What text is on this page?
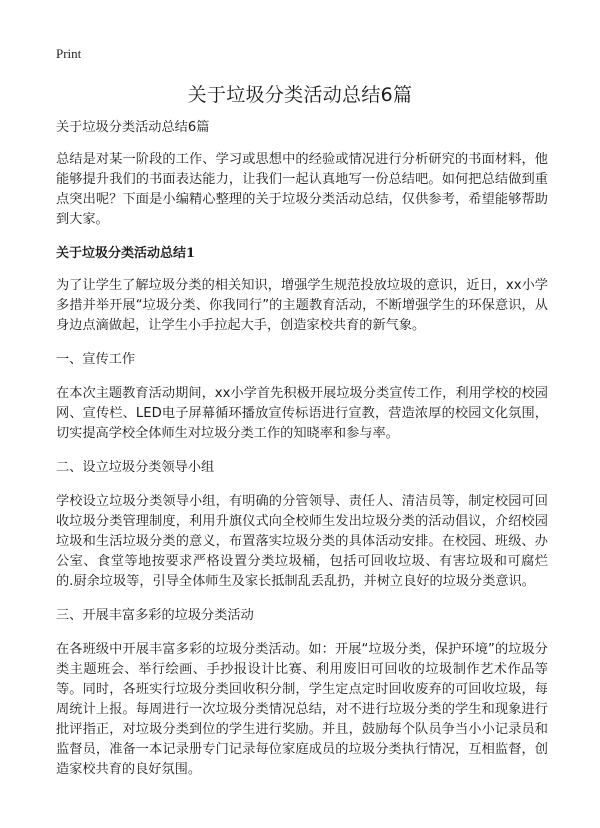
Print
关于垃圾分类活动总结6篇

关于垃圾分类活动总结6篇

总结是对某一阶段的工作、学习或思想中的经验或情况进行分析研究的书面材料，他能够提升我们的书面表达能力，让我们一起认真地写一份总结吧。如何把总结做到重点突出呢？下面是小编精心整理的关于垃圾分类活动总结，仅供参考，希望能够帮助到大家。

关于垃圾分类活动总结1

为了让学生了解垃圾分类的相关知识，增强学生规范投放垃圾的意识，近日，xx小学多措并举开展“垃圾分类、你我同行”的主题教育活动，不断增强学生的环保意识，从身边点滴做起，让学生小手拉起大手，创造家校共育的新气象。

一、宣传工作

在本次主题教育活动期间，xx小学首先积极开展垃圾分类宣传工作，利用学校的校园网、宣传栏、LED电子屏幕循环播放宣传标语进行宣教，营造浓厚的校园文化氛围，切实提高学校全体师生对垃圾分类工作的知晓率和参与率。

二、设立垃圾分类领导小组

学校设立垃圾分类领导小组，有明确的分管领导、责任人、清洁员等，制定校园可回收垃圾分类管理制度，利用升旗仪式向全校师生发出垃圾分类的活动倡议，介绍校园垃圾和生活垃圾分类的意义，布置落实垃圾分类的具体活动安排。在校园、班级、办公室、食堂等地按要求严格设置分类垃圾桶，包括可回收垃圾、有害垃圾和可腐烂的.厨余垃圾等，引导全体师生及家长抵制乱丢乱扔，并树立良好的垃圾分类意识。

三、开展丰富多彩的垃圾分类活动

在各班级中开展丰富多彩的垃圾分类活动。如：开展“垃圾分类，保护环境”的垃圾分类主题班会、举行绘画、手抄报设计比赛、利用废旧可回收的垃圾制作艺术作品等等。同时，各班实行垃圾分类回收积分制，学生定点定时回收废弃的可回收垃圾，每周统计上报。每周进行一次垃圾分类情况总结，对不进行垃圾分类的学生和现象进行批评指正，对垃圾分类到位的学生进行奖励。并且，鼓励每个队员争当小小记录员和监督员，准备一本记录册专门记录每位家庭成员的垃圾分类执行情况，互相监督，创造家校共育的良好氛围。
